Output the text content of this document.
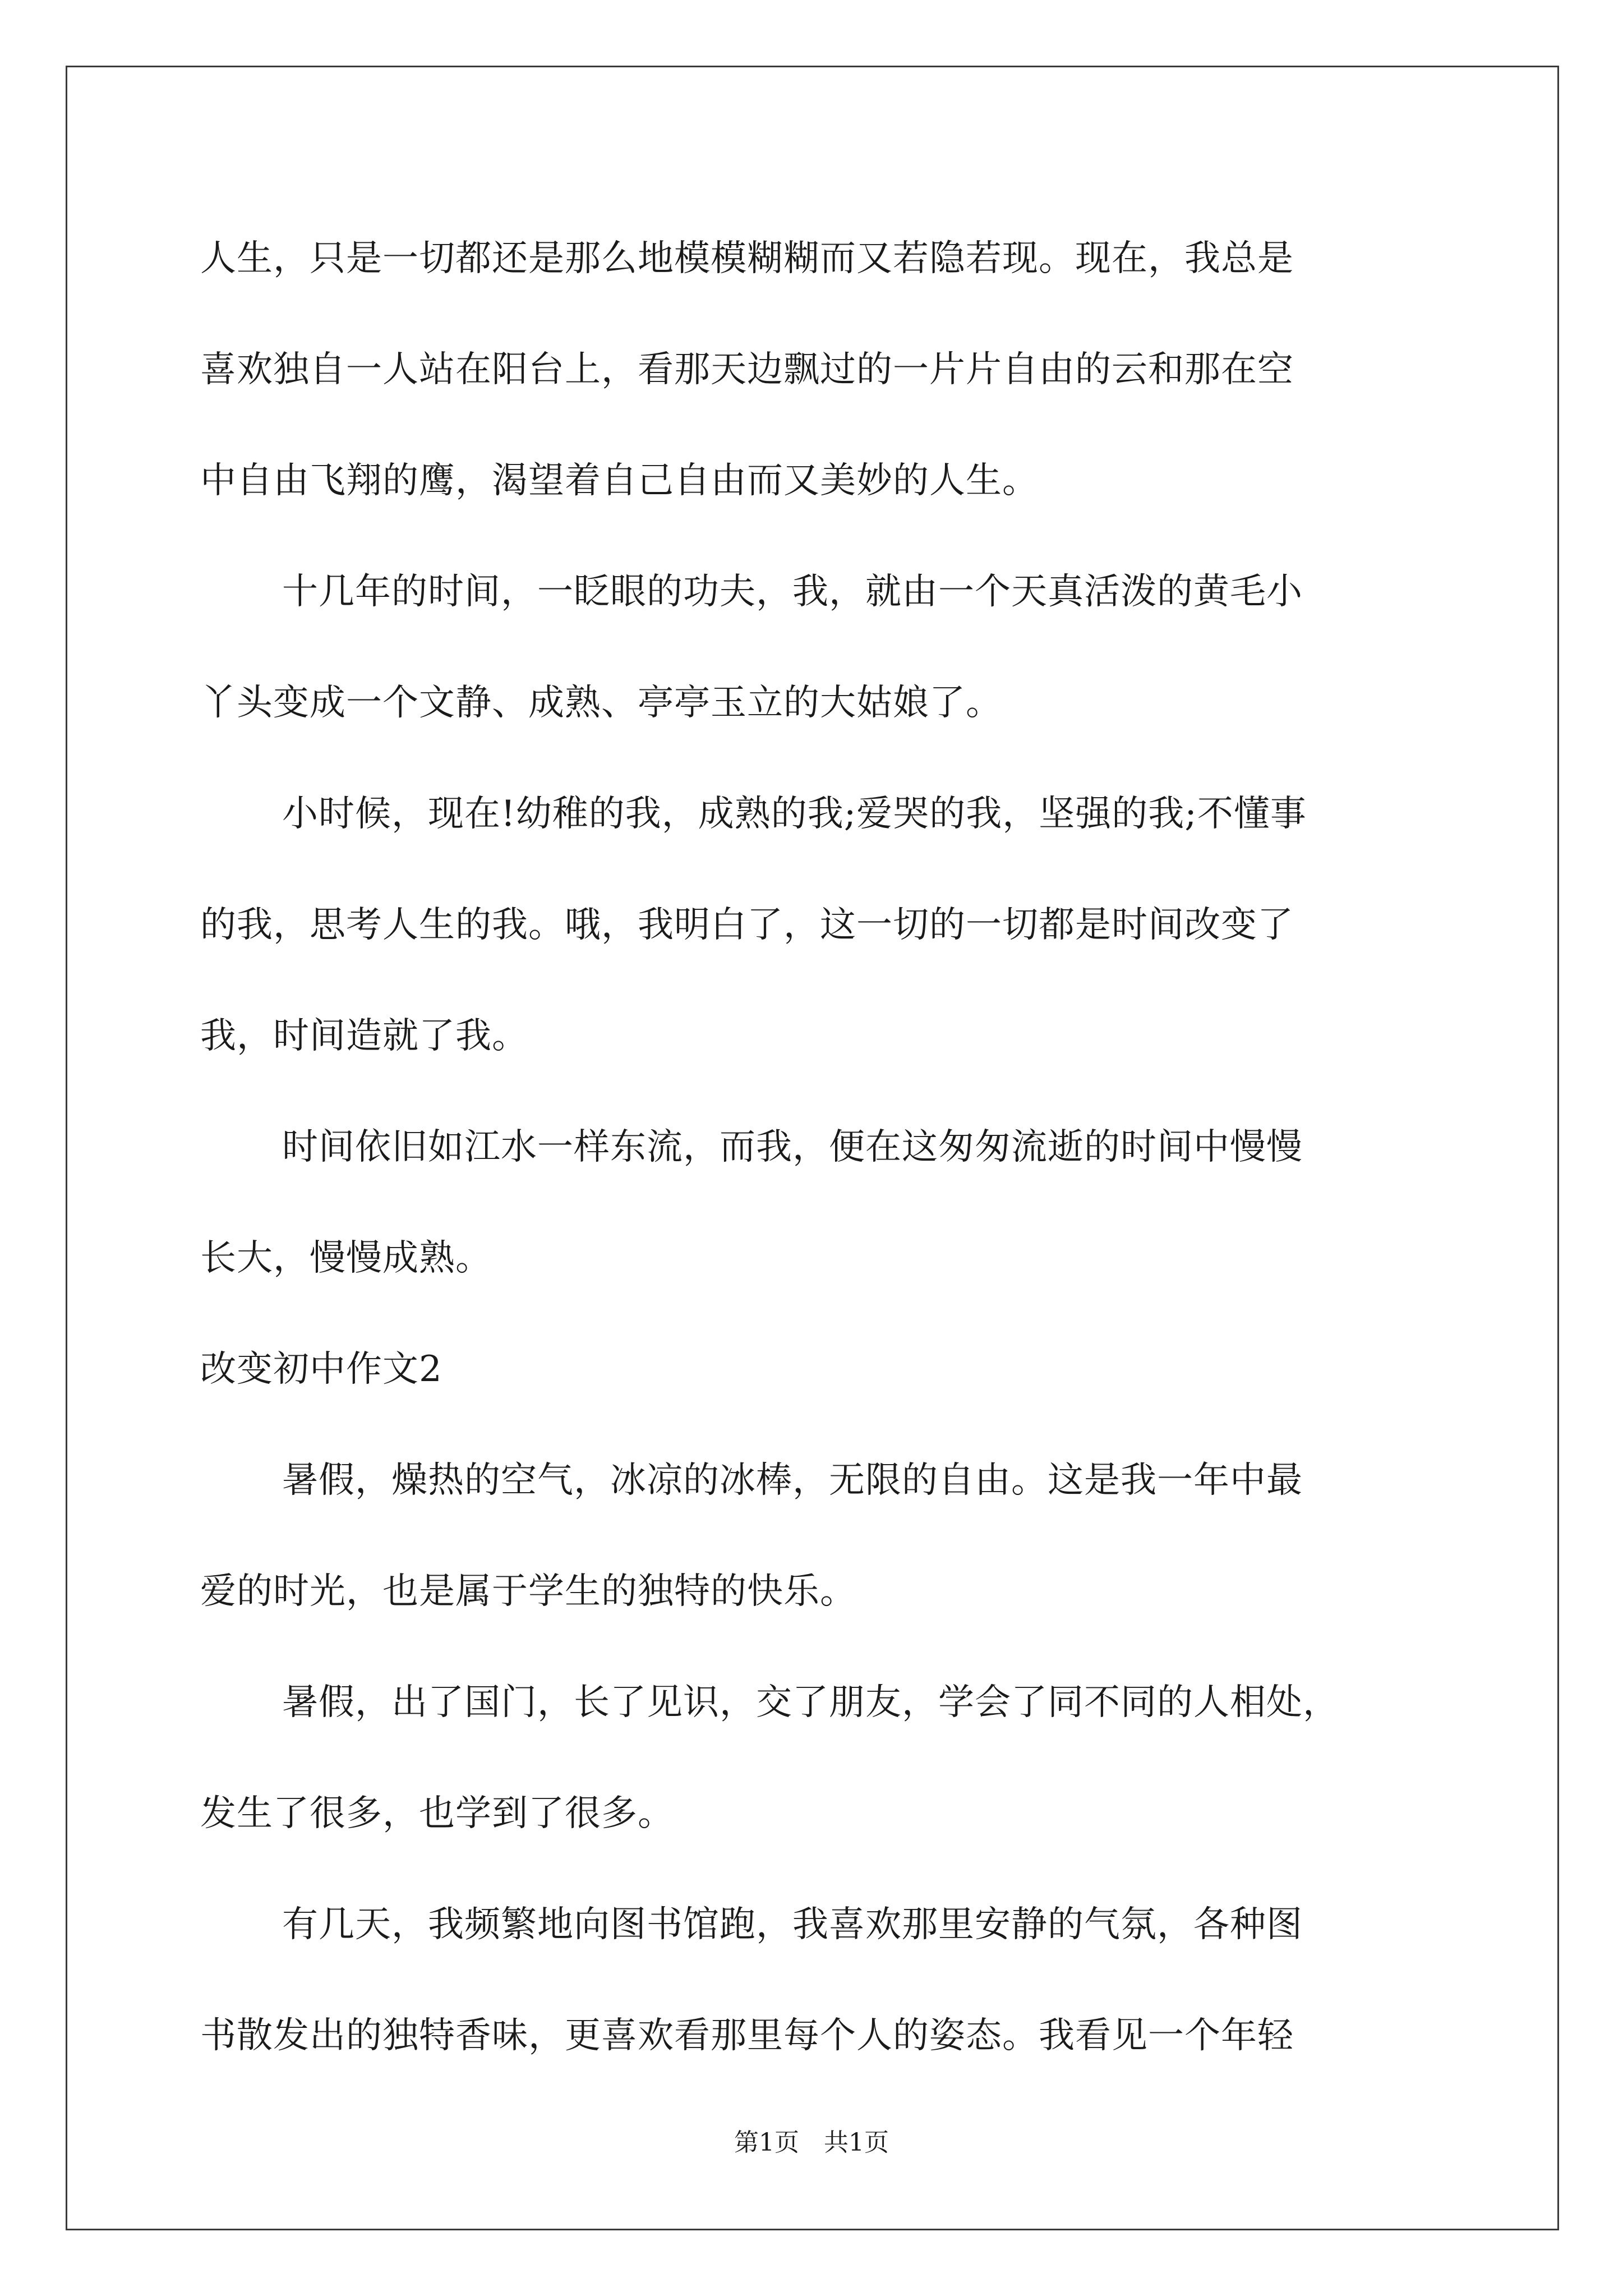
人生，只是一切都还是那么地模模糊糊而又若隐若现。现在，我总是
喜欢独自一人站在阳台上，看那天边飘过的一片片自由的云和那在空
中自由飞翔的鹰，渴望着自己自由而又美妙的人生。
十几年的时间，一眨眼的功夫，我，就由一个天真活泼的黄毛小
丫头变成一个文静、成熟、亭亭玉立的大姑娘了。
小时候，现在!幼稚的我，成熟的我;爱哭的我，坚强的我;不懂事
的我，思考人生的我。哦，我明白了，这一切的一切都是时间改变了
我，时间造就了我。
时间依旧如江水一样东流，而我，便在这匆匆流逝的时间中慢慢
长大，慢慢成熟。
改变初中作文2
暑假，燥热的空气，冰凉的冰棒，无限的自由。这是我一年中最
爱的时光，也是属于学生的独特的快乐。
暑假，出了国门，长了见识，交了朋友，学会了同不同的人相处，
发生了很多，也学到了很多。
有几天，我频繁地向图书馆跑，我喜欢那里安静的气氛，各种图
书散发出的独特香味，更喜欢看那里每个人的姿态。我看见一个年轻
第1页　共1页
